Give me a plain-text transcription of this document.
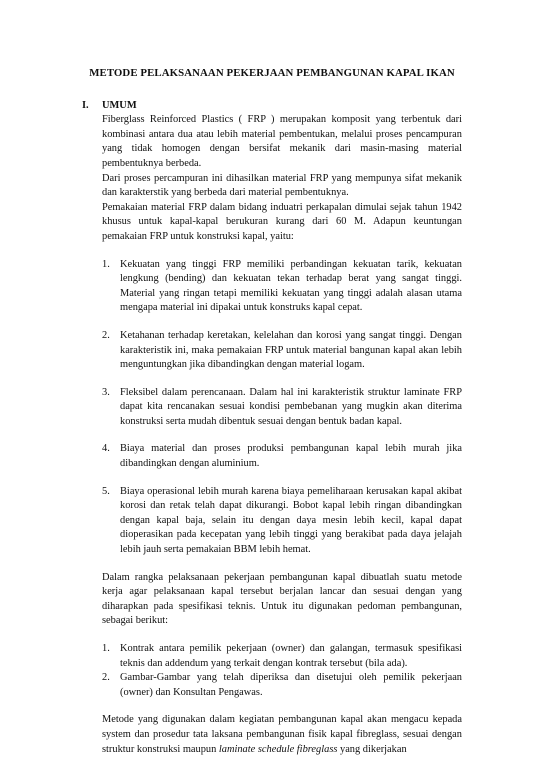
METODE PELAKSANAAN PEKERJAAN PEMBANGUNAN KAPAL IKAN
I.	UMUM

Fiberglass Reinforced Plastics ( FRP ) merupakan komposit yang terbentuk dari kombinasi antara dua atau lebih material pembentukan, melalui proses pencampuran yang tidak homogen dengan bersifat mekanik dari masin-masing material pembentuknya berbeda.

Dari proses percampuran ini dihasilkan material FRP yang mempunya sifat mekanik dan karakterstik yang berbeda dari material pembentuknya.

Pemakaian material FRP dalam bidang induatri perkapalan dimulai sejak tahun 1942 khusus untuk kapal-kapal berukuran kurang dari 60 M. Adapun keuntungan pemakaian FRP untuk konstruksi kapal, yaitu:

1. Kekuatan yang tinggi FRP memiliki perbandingan kekuatan tarik, kekuatan lengkung (bending) dan kekuatan tekan terhadap berat yang sangat tinggi. Material yang ringan tetapi memiliki kekuatan yang tinggi adalah alasan utama mengapa material ini dipakai untuk konstruks kapal cepat.
2. Ketahanan terhadap keretakan, kelelahan dan korosi yang sangat tinggi. Dengan karakteristik ini, maka pemakaian FRP untuk material bangunan kapal akan lebih menguntungkan jika dibandingkan dengan material logam.
3. Fleksibel dalam perencanaan. Dalam hal ini karakteristik struktur laminate FRP dapat kita rencanakan sesuai kondisi pembebanan yang mugkin akan diterima konstruksi serta mudah dibentuk sesuai dengan bentuk badan kapal.
4. Biaya material dan proses produksi pembangunan kapal lebih murah jika dibandingkan dengan aluminium.
5. Biaya operasional lebih murah karena biaya pemeliharaan kerusakan kapal akibat korosi dan retak telah dapat dikurangi. Bobot kapal lebih ringan dibandingkan dengan kapal baja, selain itu dengan daya mesin lebih kecil, kapal dapat dioperasikan pada kecepatan yang lebih tinggi yang berakibat pada daya jelajah lebih jauh serta pemakaian BBM lebih hemat.

Dalam rangka pelaksanaan pekerjaan pembangunan kapal dibuatlah suatu metode kerja agar pelaksanaan kapal tersebut berjalan lancar dan sesuai dengan yang diharapkan pada spesifikasi teknis. Untuk itu digunakan pedoman pembangunan, sebagai berikut:

1. Kontrak antara pemilik pekerjaan (owner) dan galangan, termasuk spesifikasi teknis dan addendum yang terkait dengan kontrak tersebut (bila ada).
2. Gambar-Gambar yang telah diperiksa dan disetujui oleh pemilik pekerjaan (owner) dan Konsultan Pengawas.

Metode yang digunakan dalam kegiatan pembangunan kapal akan mengacu kepada system dan prosedur tata laksana pembangunan fisik kapal fibreglass, sesuai dengan struktur konstruksi maupun laminate schedule fibreglass yang dikerjakan
